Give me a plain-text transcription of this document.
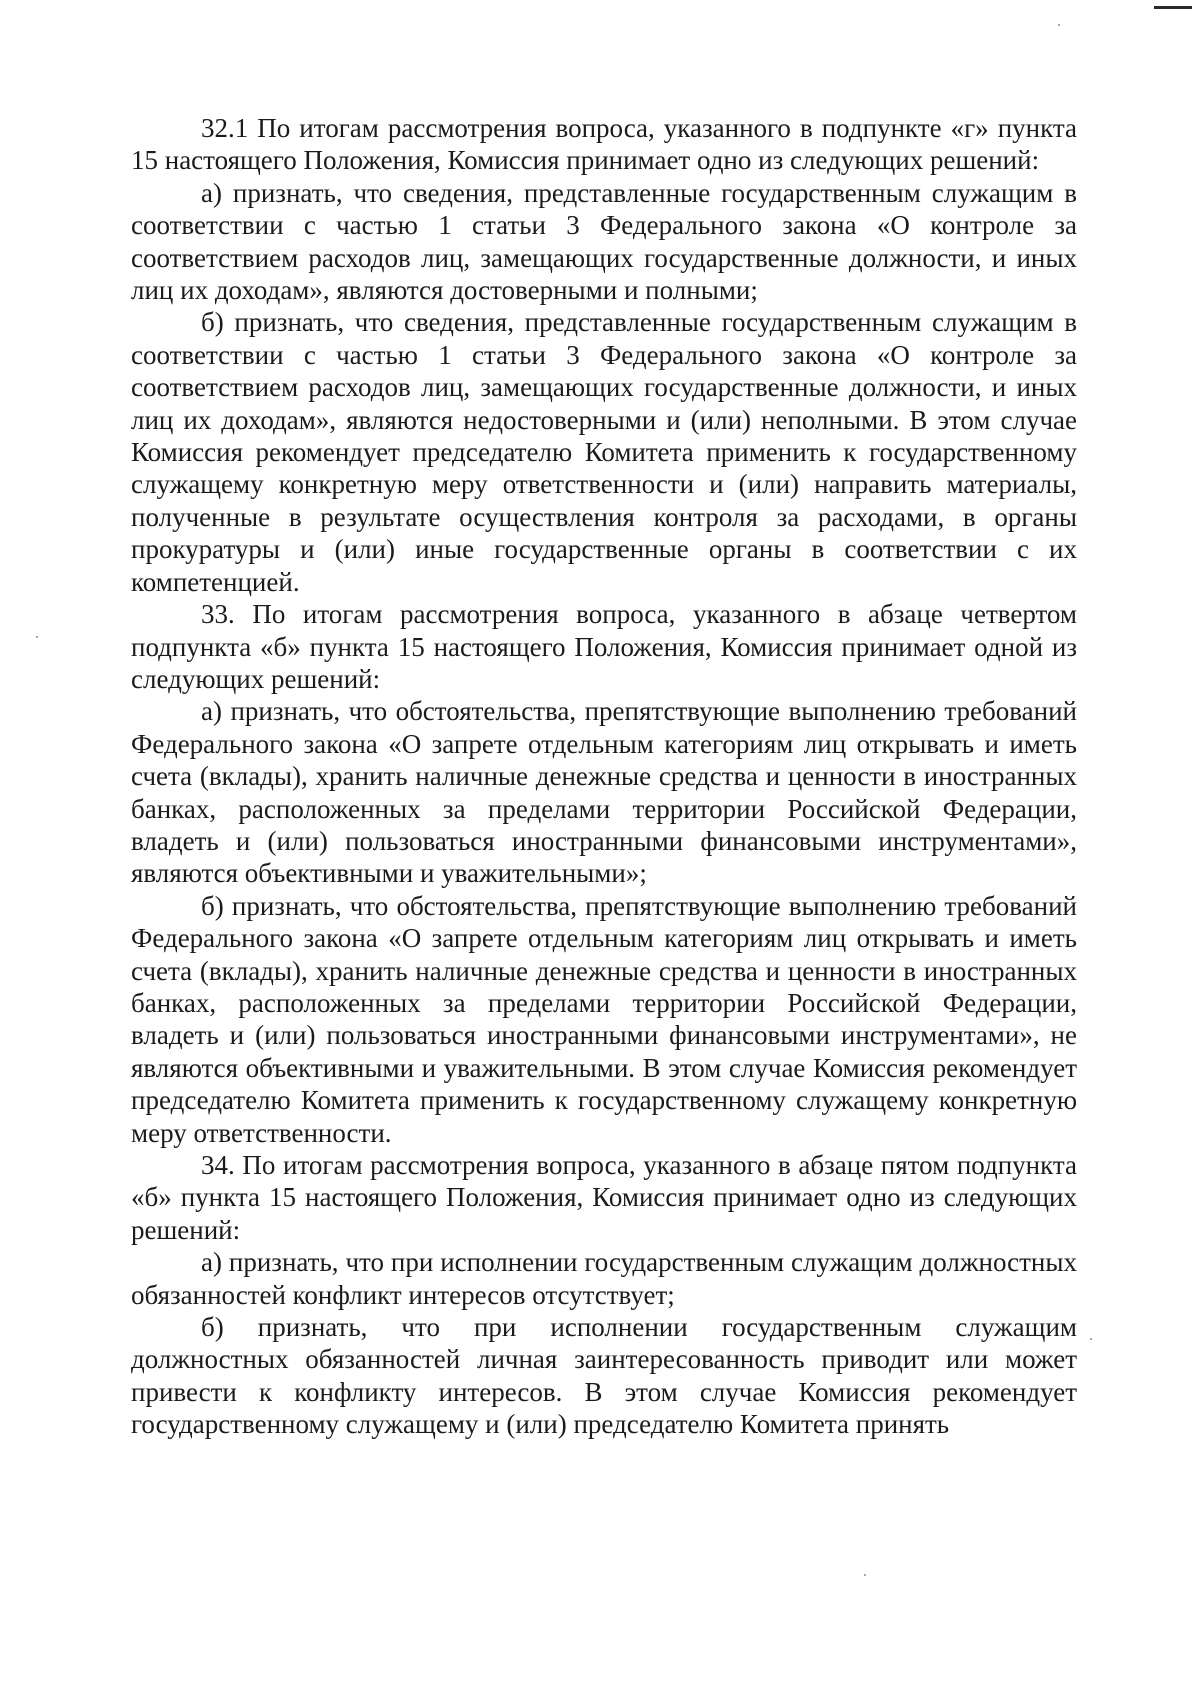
32.1 По итогам рассмотрения вопроса, указанного в подпункте «г» пункта 15 настоящего Положения, Комиссия принимает одно из следующих решений:

а) признать, что сведения, представленные государственным служащим в соответствии с частью 1 статьи 3 Федерального закона «О контроле за соответствием расходов лиц, замещающих государственные должности, и иных лиц их доходам», являются достоверными и полными;

б) признать, что сведения, представленные государственным служащим в соответствии с частью 1 статьи 3 Федерального закона «О контроле за соответствием расходов лиц, замещающих государственные должности, и иных лиц их доходам», являются недостоверными и (или) неполными. В этом случае Комиссия рекомендует председателю Комитета применить к государственному служащему конкретную меру ответственности и (или) направить материалы, полученные в результате осуществления контроля за расходами, в органы прокуратуры и (или) иные государственные органы в соответствии с их компетенцией.

33. По итогам рассмотрения вопроса, указанного в абзаце четвертом подпункта «б» пункта 15 настоящего Положения, Комиссия принимает одной из следующих решений:

а) признать, что обстоятельства, препятствующие выполнению требований Федерального закона «О запрете отдельным категориям лиц открывать и иметь счета (вклады), хранить наличные денежные средства и ценности в иностранных банках, расположенных за пределами территории Российской Федерации, владеть и (или) пользоваться иностранными финансовыми инструментами», являются объективными и уважительными»;

б) признать, что обстоятельства, препятствующие выполнению требований Федерального закона «О запрете отдельным категориям лиц открывать и иметь счета (вклады), хранить наличные денежные средства и ценности в иностранных банках, расположенных за пределами территории Российской Федерации, владеть и (или) пользоваться иностранными финансовыми инструментами», не являются объективными и уважительными. В этом случае Комиссия рекомендует председателю Комитета применить к государственному служащему конкретную меру ответственности.

34. По итогам рассмотрения вопроса, указанного в абзаце пятом подпункта «б» пункта 15 настоящего Положения, Комиссия принимает одно из следующих решений:

а) признать, что при исполнении государственным служащим должностных обязанностей конфликт интересов отсутствует;

б) признать, что при исполнении государственным служащим должностных обязанностей личная заинтересованность приводит или может привести к конфликту интересов. В этом случае Комиссия рекомендует государственному служащему и (или) председателю Комитета принять
